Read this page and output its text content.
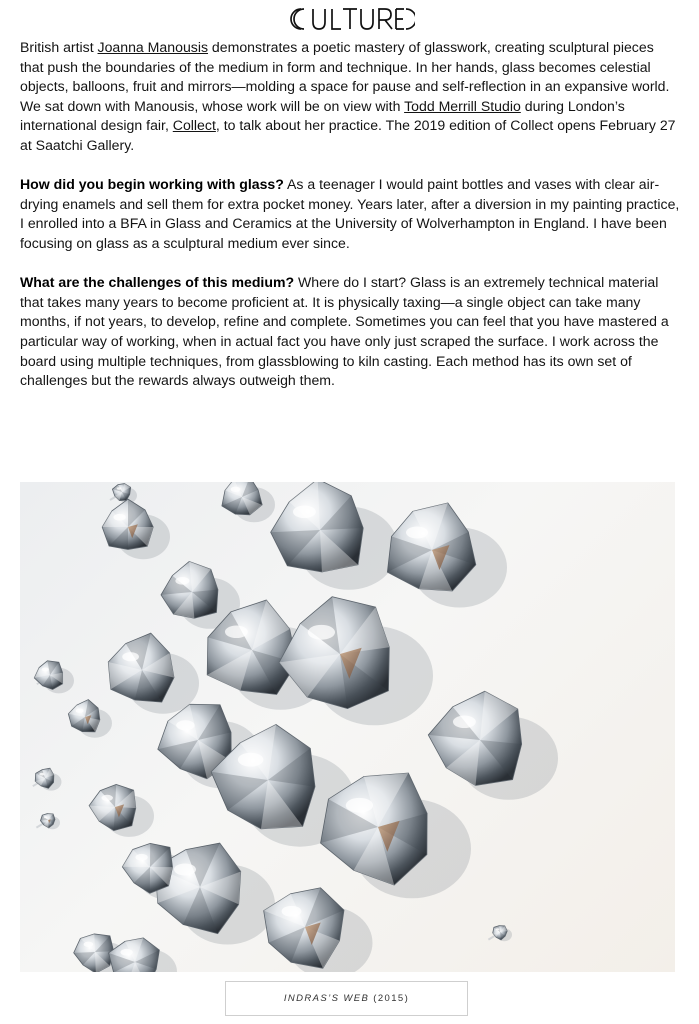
British artist Joanna Manousis demonstrates a poetic mastery of glasswork, creating sculptural pieces that push the boundaries of the medium in form and technique. In her hands, glass becomes celestial objects, balloons, fruit and mirrors—molding a space for pause and self-reflection in an expansive world. We sat down with Manousis, whose work will be on view with Todd Merrill Studio during London’s international design fair, Collect, to talk about her practice. The 2019 edition of Collect opens February 27 at Saatchi Gallery.

How did you begin working with glass? As a teenager I would paint bottles and vases with clear air-drying enamels and sell them for extra pocket money. Years later, after a diversion in my painting practice, I enrolled into a BFA in Glass and Ceramics at the University of Wolverhampton in England. I have been focusing on glass as a sculptural medium ever since.

What are the challenges of this medium? Where do I start? Glass is an extremely technical material that takes many years to become proficient at. It is physically taxing—a single object can take many months, if not years, to develop, refine and complete. Sometimes you can feel that you have mastered a particular way of working, when in actual fact you have only just scraped the surface. I work across the board using multiple techniques, from glassblowing to kiln casting. Each method has its own set of challenges but the rewards always outweigh them.

INDRAS’S WEB
(2015)
